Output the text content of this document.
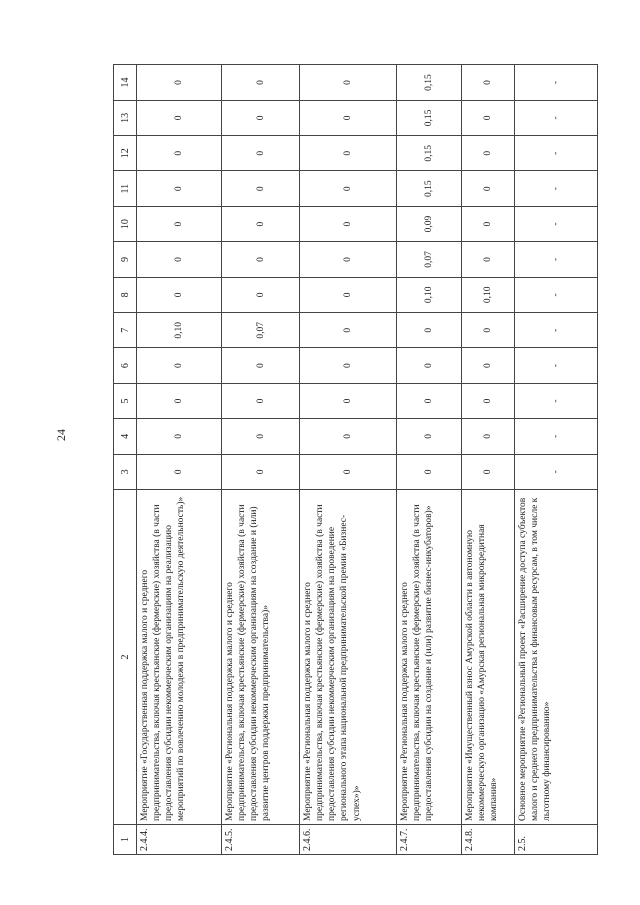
24
1	2	3	4	5	6	7	8	9	10	11	12	13	14
2.4.4.	Мероприятие «Государственная поддержка малого и среднего предпринимательства, включая крестьянские (фермерские) хозяйства (в части предоставления субсидии некоммерческим организациям на реализацию мероприятий по вовлечению молодежи в предпринимательскую деятельность)»	0	0	0	0	0,10	0	0	0	0	0	0	0
2.4.5.	Мероприятие «Региональная поддержка малого и среднего предпринимательства, включая крестьянские (фермерские) хозяйства (в части предоставления субсидии некоммерческим организациям на создание и (или) развитие центров поддержки предпринимательства)»	0	0	0	0	0,07	0	0	0	0	0	0	0
2.4.6.	Мероприятие «Региональная поддержка малого и среднего предпринимательства, включая крестьянские (фермерские) хозяйства (в части предоставления субсидии некоммерческим организациям на проведение регионального этапа национальной предпринимательской премии «Бизнес-успех»)»	0	0	0	0	0	0	0	0	0	0	0	0
2.4.7.	Мероприятие «Региональная поддержка малого и среднего предпринимательства, включая крестьянские (фермерские) хозяйства (в части предоставления субсидии на создание и (или) развитие бизнес-инкубаторов)»	0	0	0	0	0	0,10	0,07	0,09	0,15	0,15	0,15	0,15
2.4.8.	Мероприятие «Имущественный взнос Амурской области в автономную некоммерческую организацию «Амурская региональная микрокредитная компания»	0	0	0	0	0	0,10	0	0	0	0	0	0
2.5.	Основное мероприятие «Региональный проект «Расширение доступа субъектов малого и среднего предпринимательства к финансовым ресурсам, в том числе к льготному финансированию»	-	-	-	-	-	-	-	-	-	-	-	-
